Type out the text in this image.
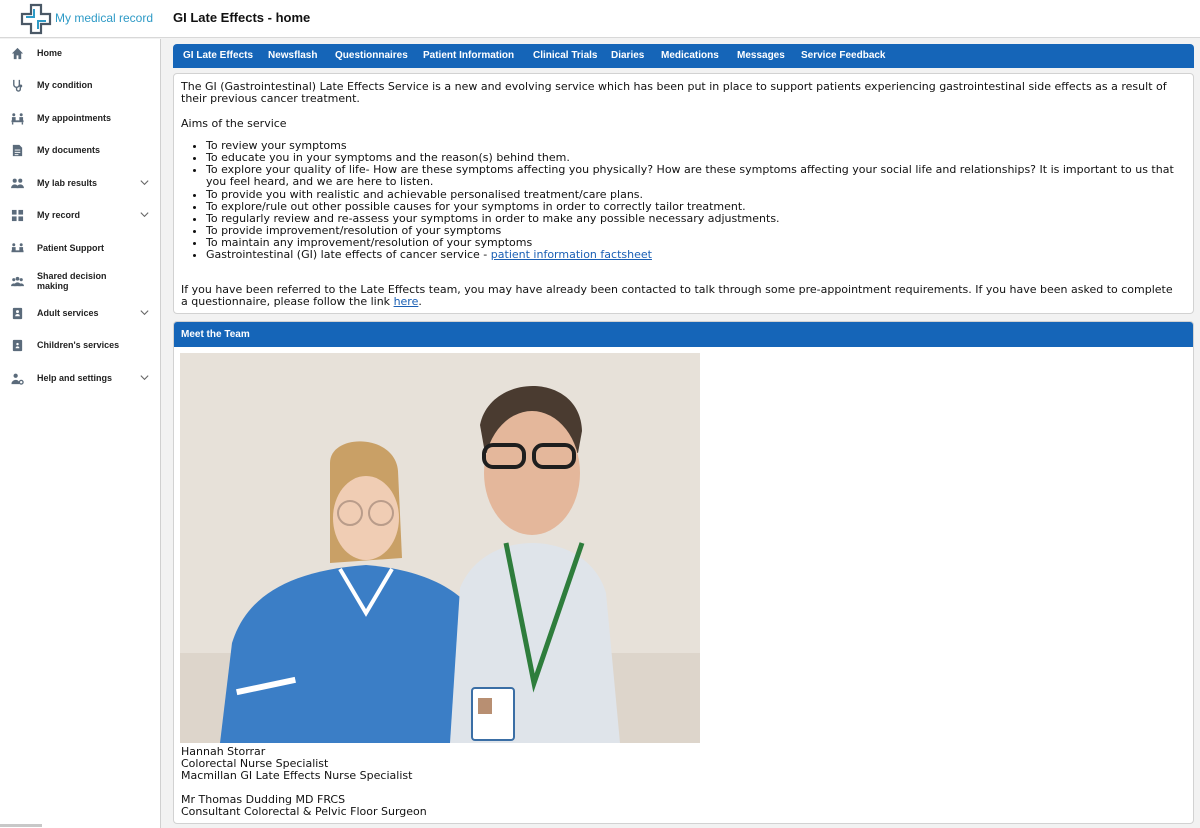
My medical record GI Late Effects - home
Home
My condition
My appointments
My documents
My lab results
My record
Patient Support
Shared decision making
Adult services
Children's services
Help and settings
GI Late Effects Newsflash Questionnaires Patient Information Clinical Trials Diaries Medications Messages Service Feedback

The GI (Gastrointestinal) Late Effects Service is a new and evolving service which has been put in place to support patients experiencing gastrointestinal side effects as a result of their previous cancer treatment.

Aims of the service

• To review your symptoms
• To educate you in your symptoms and the reason(s) behind them.
• To explore your quality of life- How are these symptoms affecting you physically? How are these symptoms affecting your social life and relationships? It is important to us that you feel heard, and we are here to listen.
• To provide you with realistic and achievable personalised treatment/care plans.
• To explore/rule out other possible causes for your symptoms in order to correctly tailor treatment.
• To regularly review and re-assess your symptoms in order to make any possible necessary adjustments.
• To provide improvement/resolution of your symptoms
• To maintain any improvement/resolution of your symptoms
• Gastrointestinal (GI) late effects of cancer service - patient information factsheet

If you have been referred to the Late Effects team, you may have already been contacted to talk through some pre-appointment requirements. If you have been asked to complete a questionnaire, please follow the link here.

Meet the Team
Hannah Storrar
Colorectal Nurse Specialist
Macmillan GI Late Effects Nurse Specialist
Mr Thomas Dudding MD FRCS
Consultant Colorectal & Pelvic Floor Surgeon
